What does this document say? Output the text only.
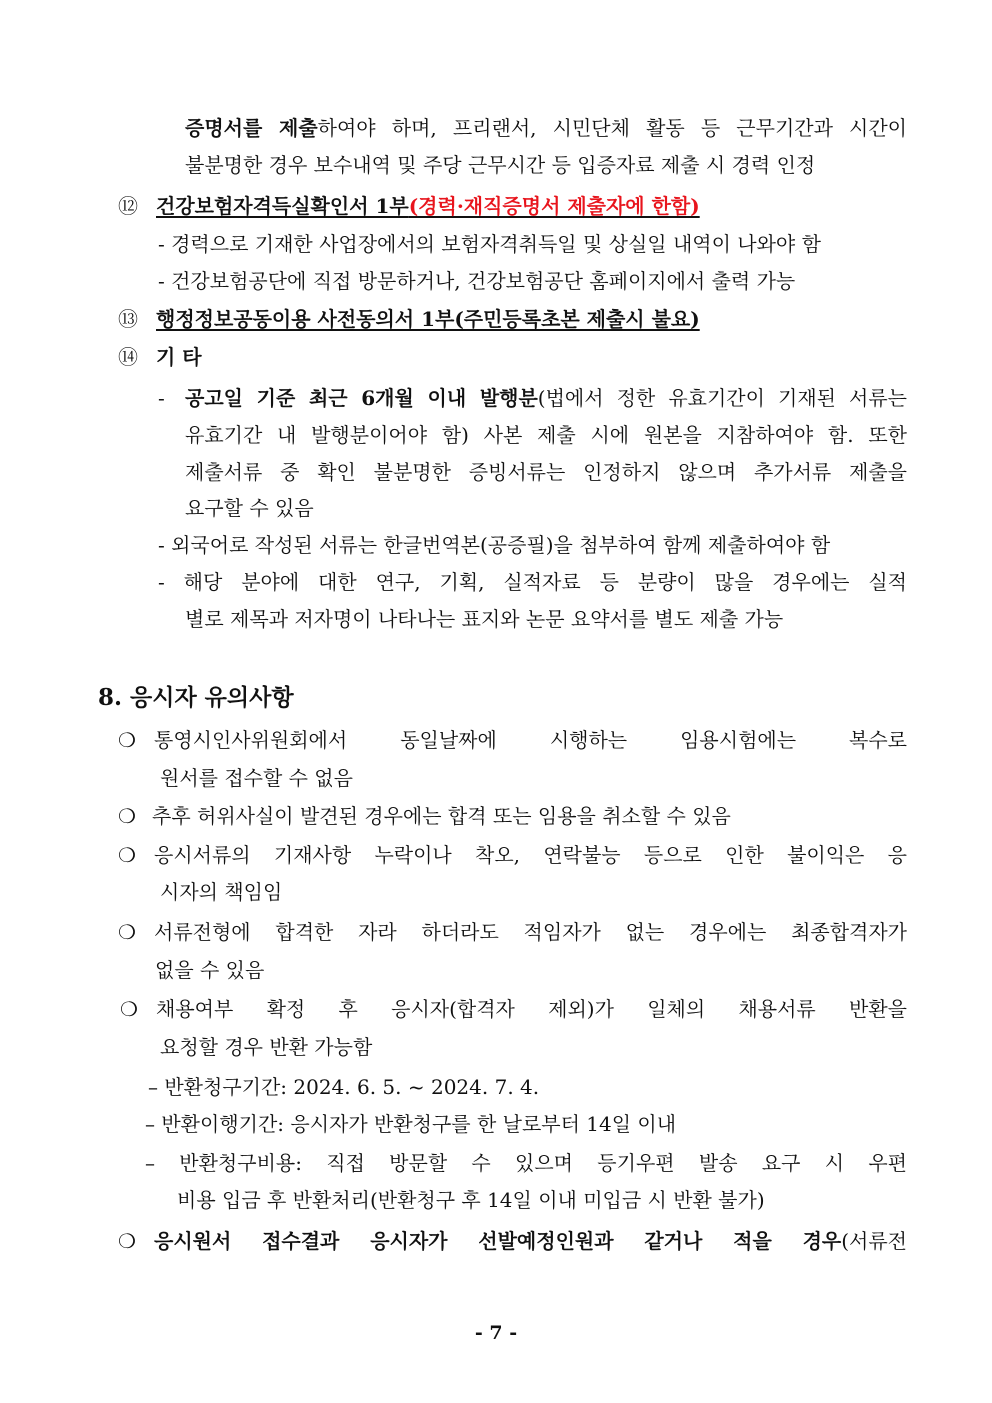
증명서를 제출하여야 하며, 프리랜서, 시민단체 활동 등 근무기간과 시간이
불분명한 경우 보수내역 및 주당 근무시간 등 입증자료 제출 시 경력 인정
⑫ 건강보험자격득실확인서 1부(경력·재직증명서 제출자에 한함)
- 경력으로 기재한 사업장에서의 보험자격취득일 및 상실일 내역이 나와야 함
- 건강보험공단에 직접 방문하거나, 건강보험공단 홈페이지에서 출력 가능
⑬ 행정정보공동이용 사전동의서 1부(주민등록초본 제출시 불요)
⑭ 기 타
- 공고일 기준 최근 6개월 이내 발행분(법에서 정한 유효기간이 기재된 서류는
유효기간 내 발행분이어야 함) 사본 제출 시에 원본을 지참하여야 함. 또한
제출서류 중 확인 불분명한 증빙서류는 인정하지 않으며 추가서류 제출을
요구할 수 있음
- 외국어로 작성된 서류는 한글번역본(공증필)을 첨부하여 함께 제출하여야 함
- 해당 분야에 대한 연구, 기획, 실적자료 등 분량이 많을 경우에는 실적
별로 제목과 저자명이 나타나는 표지와 논문 요약서를 별도 제출 가능
8. 응시자 유의사항
❍ 통영시인사위원회에서 동일날짜에 시행하는 임용시험에는 복수로
원서를 접수할 수 없음
❍ 추후 허위사실이 발견된 경우에는 합격 또는 임용을 취소할 수 있음
❍ 응시서류의 기재사항 누락이나 착오, 연락불능 등으로 인한 불이익은 응
시자의 책임임
❍ 서류전형에 합격한 자라 하더라도 적임자가 없는 경우에는 최종합격자가
없을 수 있음
❍ 채용여부 확정 후 응시자(합격자 제외)가 일체의 채용서류 반환을
요청할 경우 반환 가능함
– 반환청구기간: 2024. 6. 5. ~ 2024. 7. 4.
– 반환이행기간: 응시자가 반환청구를 한 날로부터 14일 이내
– 반환청구비용: 직접 방문할 수 있으며 등기우편 발송 요구 시 우편
비용 입금 후 반환처리(반환청구 후 14일 이내 미입금 시 반환 불가)
❍ 응시원서 접수결과 응시자가 선발예정인원과 같거나 적을 경우(서류전
- 7 -
